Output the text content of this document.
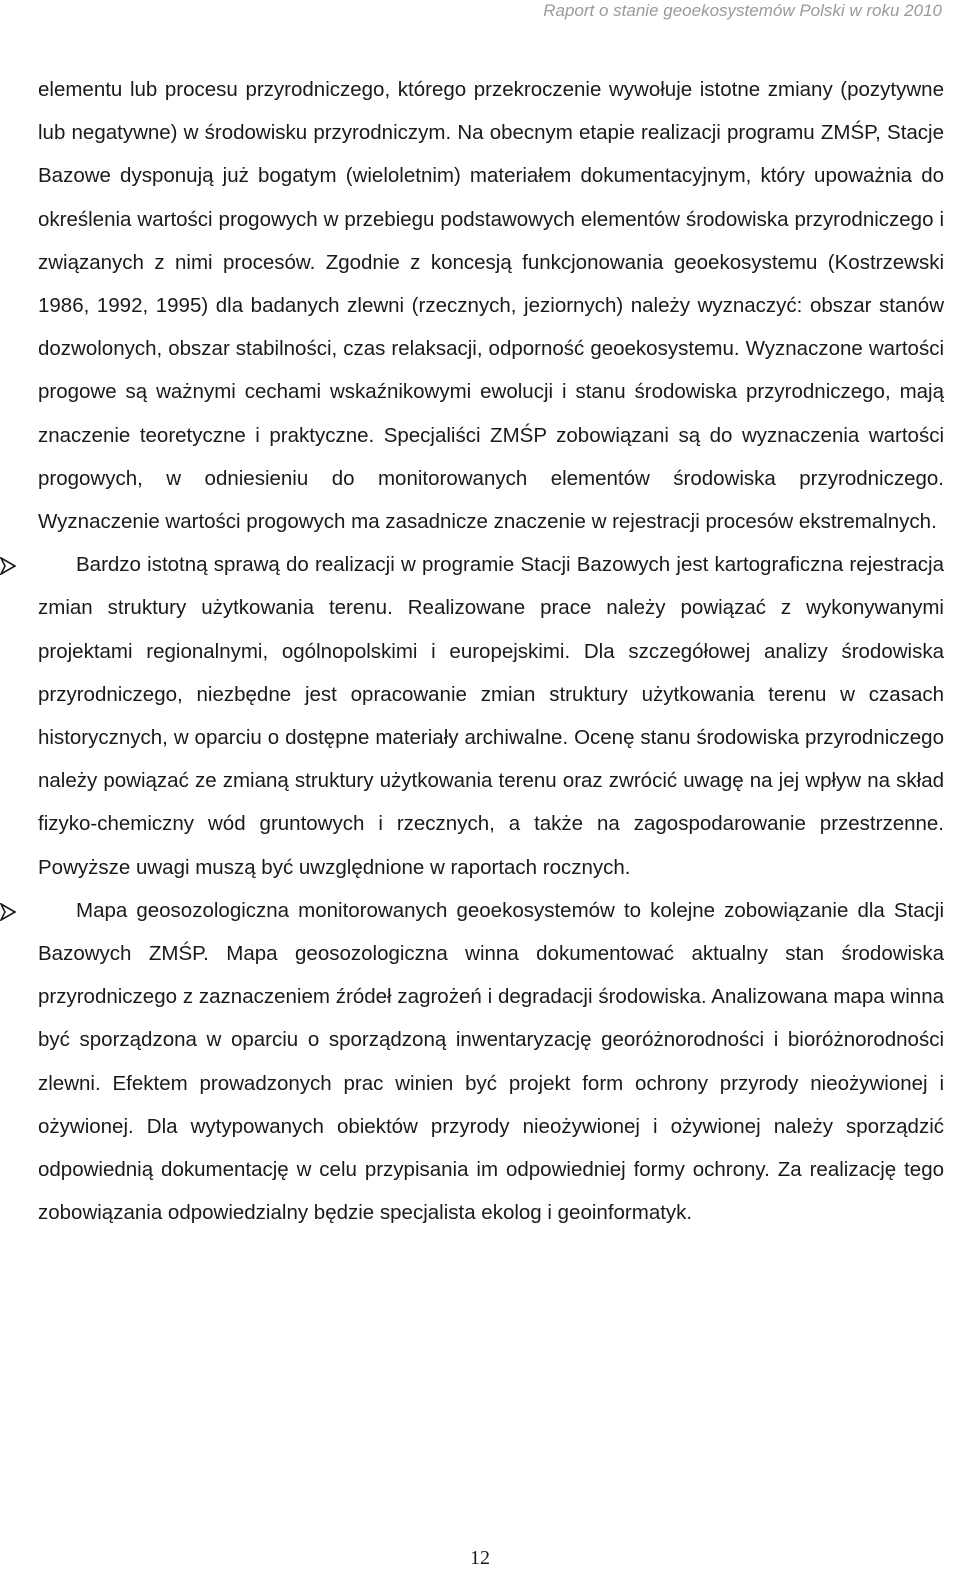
Raport o stanie geoekosystemów Polski w roku 2010

elementu lub procesu przyrodniczego, którego przekroczenie wywołuje istotne zmiany (pozytywne lub negatywne) w środowisku przyrodniczym. Na obecnym etapie realizacji programu ZMŚP, Stacje Bazowe dysponują już bogatym (wieloletnim) materiałem dokumentacyjnym, który upoważnia do określenia wartości progowych w przebiegu podstawowych elementów środowiska przyrodniczego i związanych z nimi procesów. Zgodnie z koncesją funkcjonowania geoekosystemu (Kostrzewski 1986, 1992, 1995) dla badanych zlewni (rzecznych, jeziornych) należy wyznaczyć: obszar stanów dozwolonych, obszar stabilności, czas relaksacji, odporność geoekosystemu. Wyznaczone wartości progowe są ważnymi cechami wskaźnikowymi ewolucji i stanu środowiska przyrodniczego, mają znaczenie teoretyczne i praktyczne. Specjaliści ZMŚP zobowiązani są do wyznaczenia wartości progowych, w odniesieniu do monitorowanych elementów środowiska przyrodniczego. Wyznaczenie wartości progowych ma zasadnicze znaczenie w rejestracji procesów ekstremalnych.

Bardzo istotną sprawą do realizacji w programie Stacji Bazowych jest kartograficzna rejestracja zmian struktury użytkowania terenu. Realizowane prace należy powiązać z wykonywanymi projektami regionalnymi, ogólnopolskimi i europejskimi. Dla szczegółowej analizy środowiska przyrodniczego, niezbędne jest opracowanie zmian struktury użytkowania terenu w czasach historycznych, w oparciu o dostępne materiały archiwalne. Ocenę stanu środowiska przyrodniczego należy powiązać ze zmianą struktury użytkowania terenu oraz zwrócić uwagę na jej wpływ na skład fizyko-chemiczny wód gruntowych i rzecznych, a także na zagospodarowanie przestrzenne. Powyższe uwagi muszą być uwzględnione w raportach rocznych.

Mapa geosozologiczna monitorowanych geoekosystemów to kolejne zobowiązanie dla Stacji Bazowych ZMŚP. Mapa geosozologiczna winna dokumentować aktualny stan środowiska przyrodniczego z zaznaczeniem źródeł zagrożeń i degradacji środowiska. Analizowana mapa winna być sporządzona w oparciu o sporządzoną inwentaryzację georóżnorodności i bioróżnorodności zlewni. Efektem prowadzonych prac winien być projekt form ochrony przyrody nieożywionej i ożywionej. Dla wytypowanych obiektów przyrody nieożywionej i ożywionej należy sporządzić odpowiednią dokumentację w celu przypisania im odpowiedniej formy ochrony. Za realizację tego zobowiązania odpowiedzialny będzie specjalista ekolog i geoinformatyk.

12
